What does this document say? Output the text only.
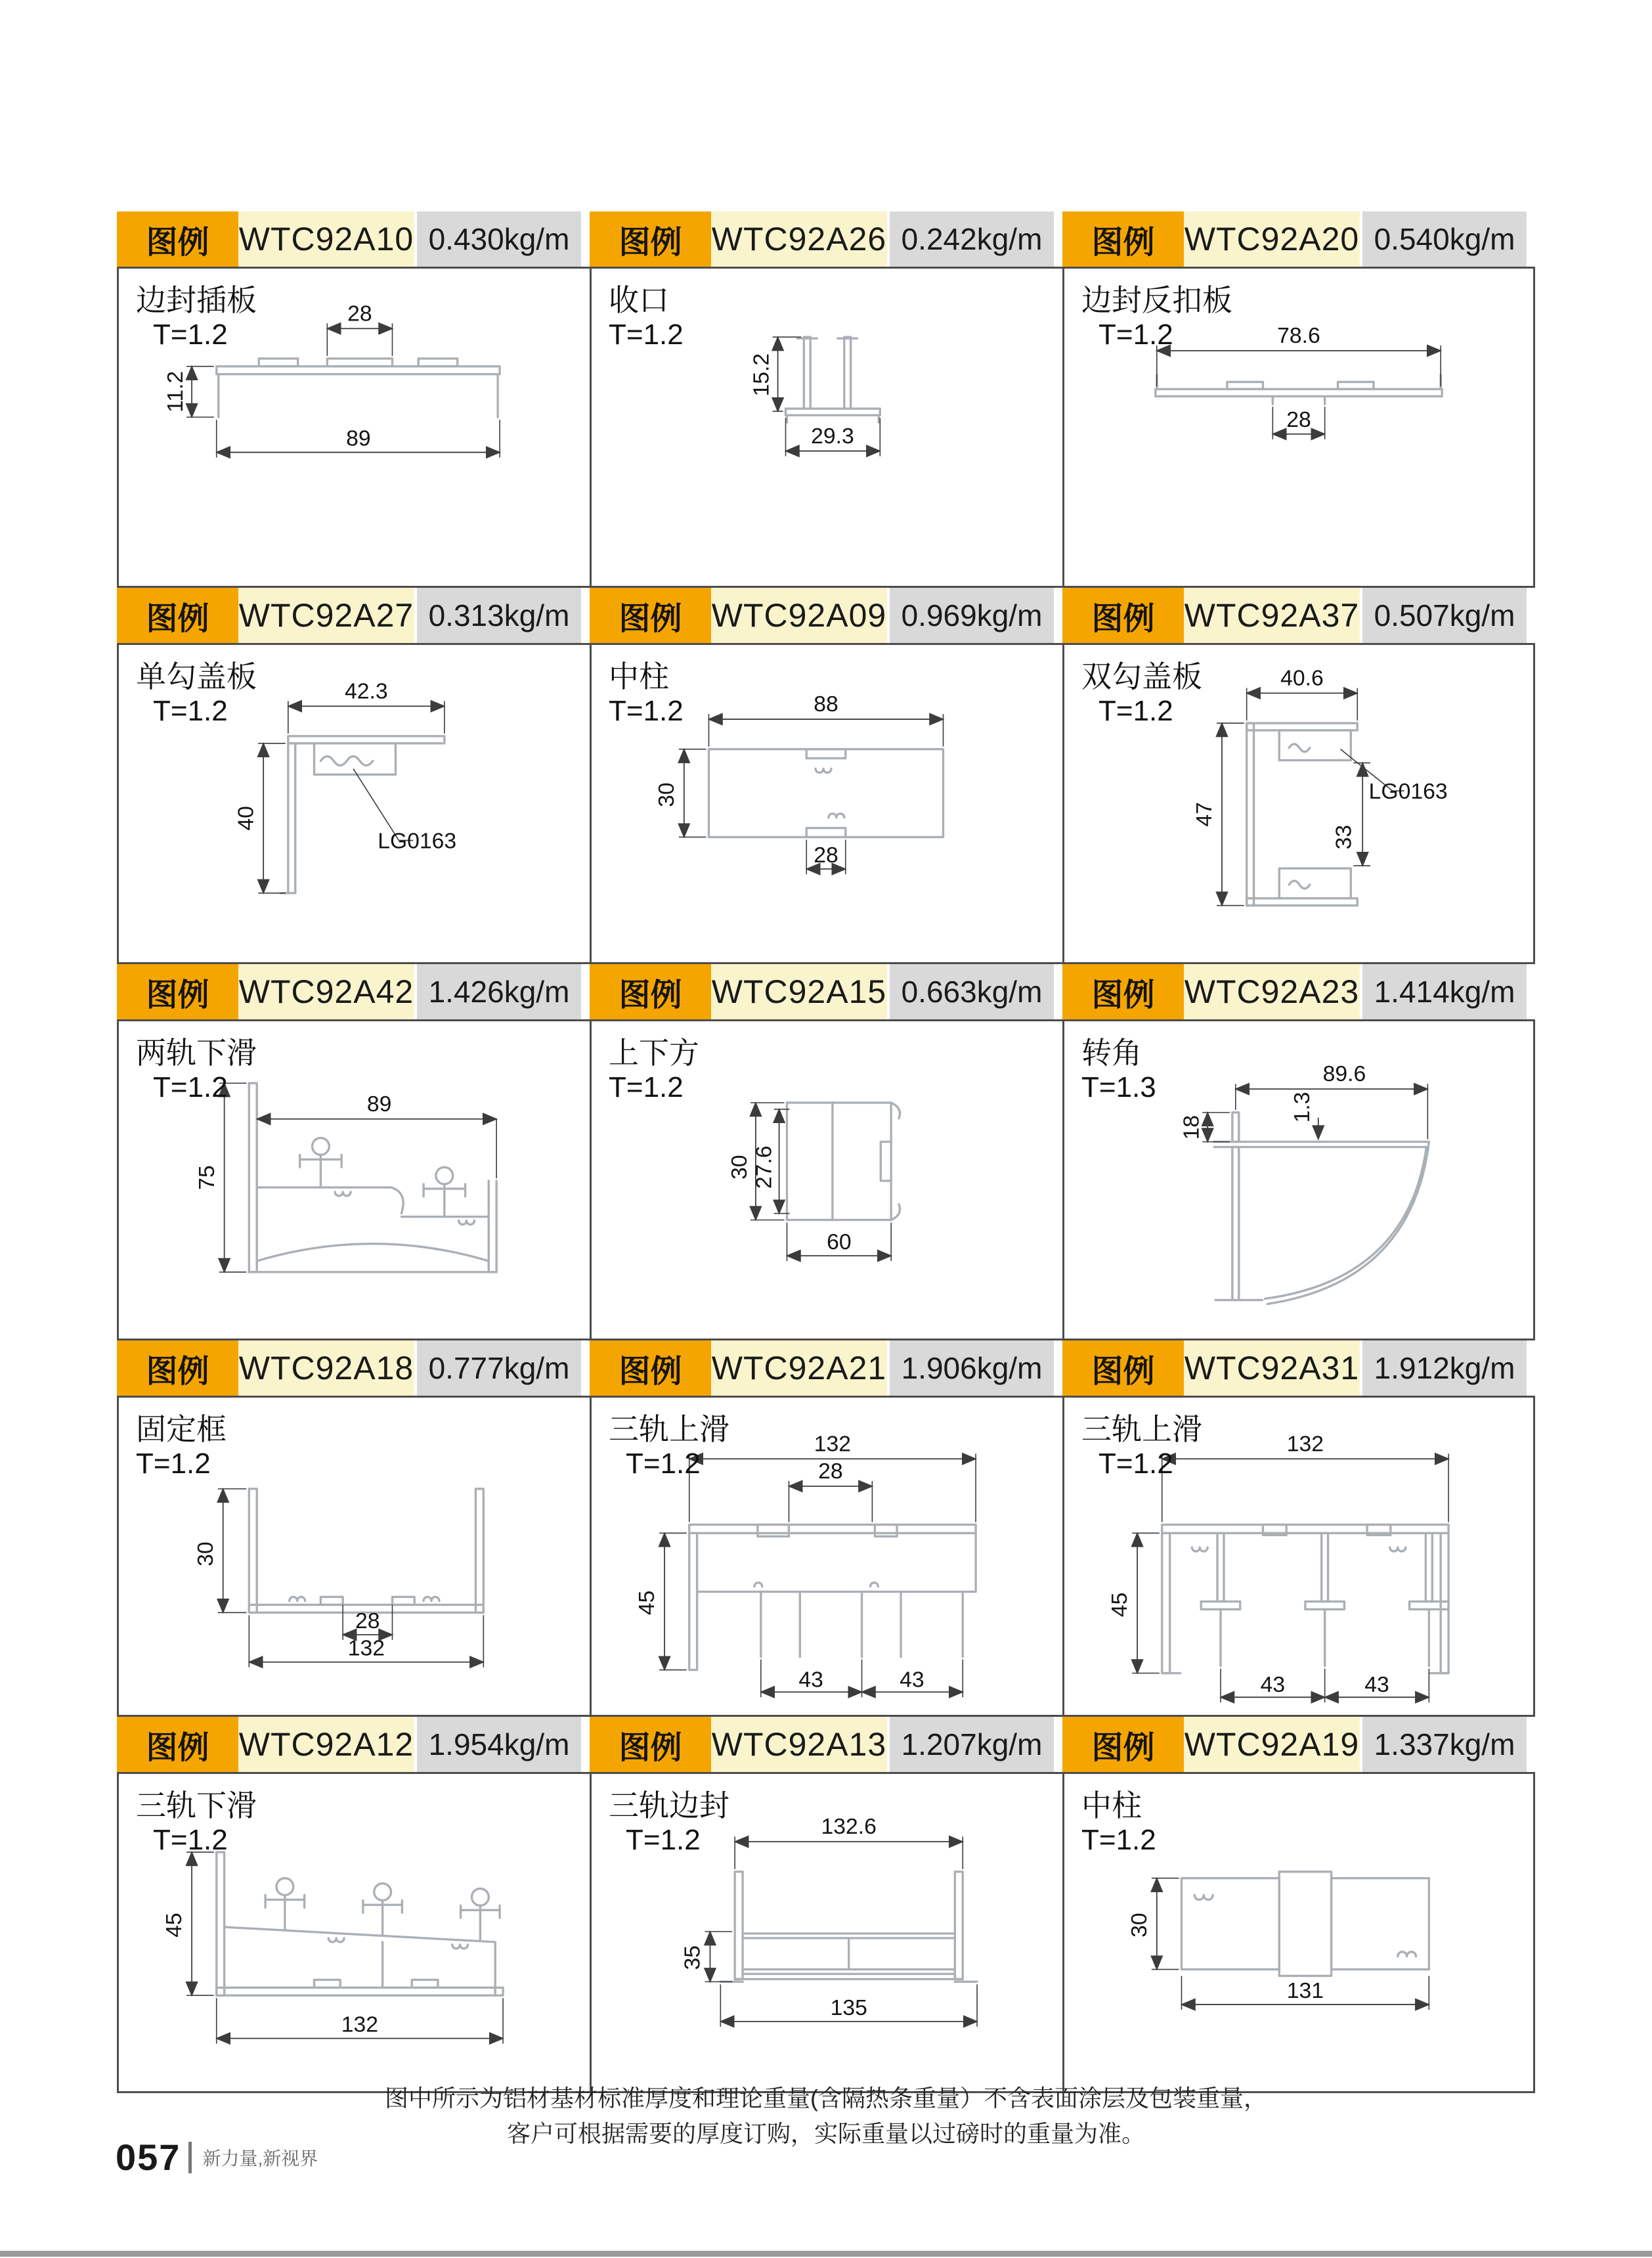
图例 WTC92A10 0.430kg/m
边封插板
T=1.2
28
11.2
89
图例 WTC92A26 0.242kg/m
收口
T=1.2
15.2
29.3
图例 WTC92A20 0.540kg/m
边封反扣板
T=1.2	78.6
28
图例 WTC92A27 0.313kg/m
单勾盖板
T=1.2
42.3
40
LG0163
图例 WTC92A09 0.969kg/m
中柱
T=1.2	88
30
28
图例 WTC92A37 0.507kg/m
双勾盖板
T=1.2
40.6
47
33
LG0163
图例 WTC92A42 1.426kg/m
两轨下滑
T=1.2
89
75
图例 WTC92A15 0.663kg/m
上下方
T=1.2
30 27.6
60
图例 WTC92A23 1.414kg/m
转角
T=1.3	89.6
18
1.3
图例 WTC92A18 0.777kg/m
固定框
T=1.2
30
28
132
图例 WTC92A21 1.906kg/m
三轨上滑
T=1.2
132
28
45
43	43
图例 WTC92A31 1.912kg/m
三轨上滑
T=1.2
132
45
43	43
图例 WTC92A12 1.954kg/m
三轨下滑
T=1.2
45
132
图例 WTC92A13 1.207kg/m
三轨边封
T=1.2	132.6
35
135
图例 WTC92A19 1.337kg/m
中柱
T=1.2
30
131
图中所示为铝材基材标准厚度和理论重量(含隔热条重量）不含表面涂层及包装重量，
客户可根据需要的厚度订购，实际重量以过磅时的重量为准。
057 新力量,新视界
